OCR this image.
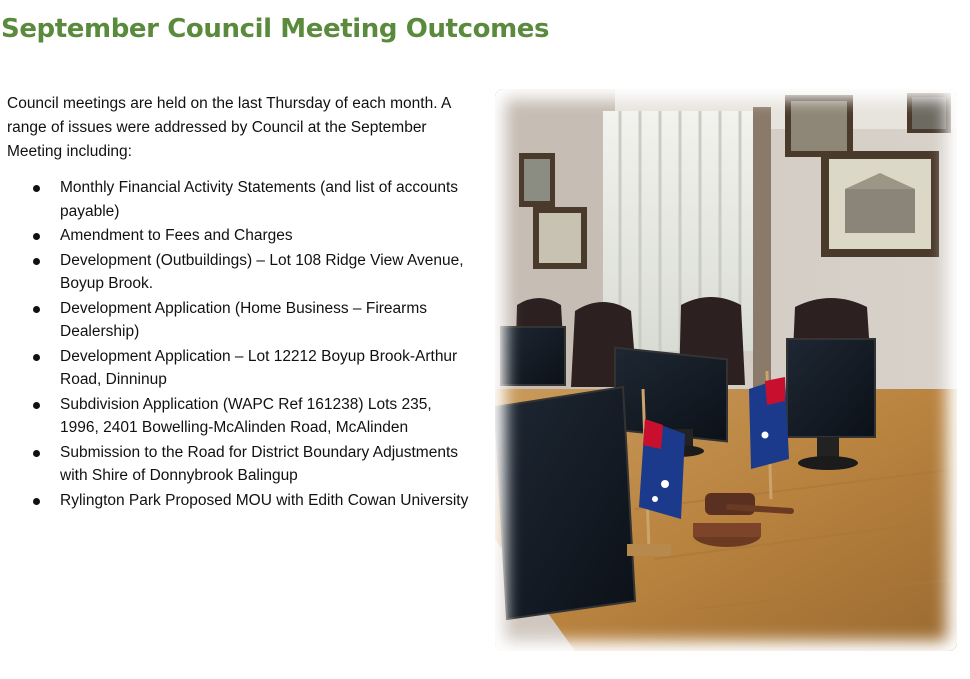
September Council Meeting Outcomes

Council meetings are held on the last Thursday of each month. A range of issues were addressed by Council at the September Meeting including:

Monthly Financial Activity Statements (and list of accounts payable)
Amendment to Fees and Charges
Development (Outbuildings) – Lot 108 Ridge View Avenue, Boyup Brook.
Development Application (Home Business – Firearms Dealership)
Development Application – Lot 12212 Boyup Brook-Arthur Road, Dinninup
Subdivision Application (WAPC Ref 161238) Lots 235, 1996, 2401 Bowelling-McAlinden Road, McAlinden
Submission to the Road for District Boundary Adjustments with Shire of Donnybrook Balingup
Rylington Park Proposed MOU with Edith Cowan University
